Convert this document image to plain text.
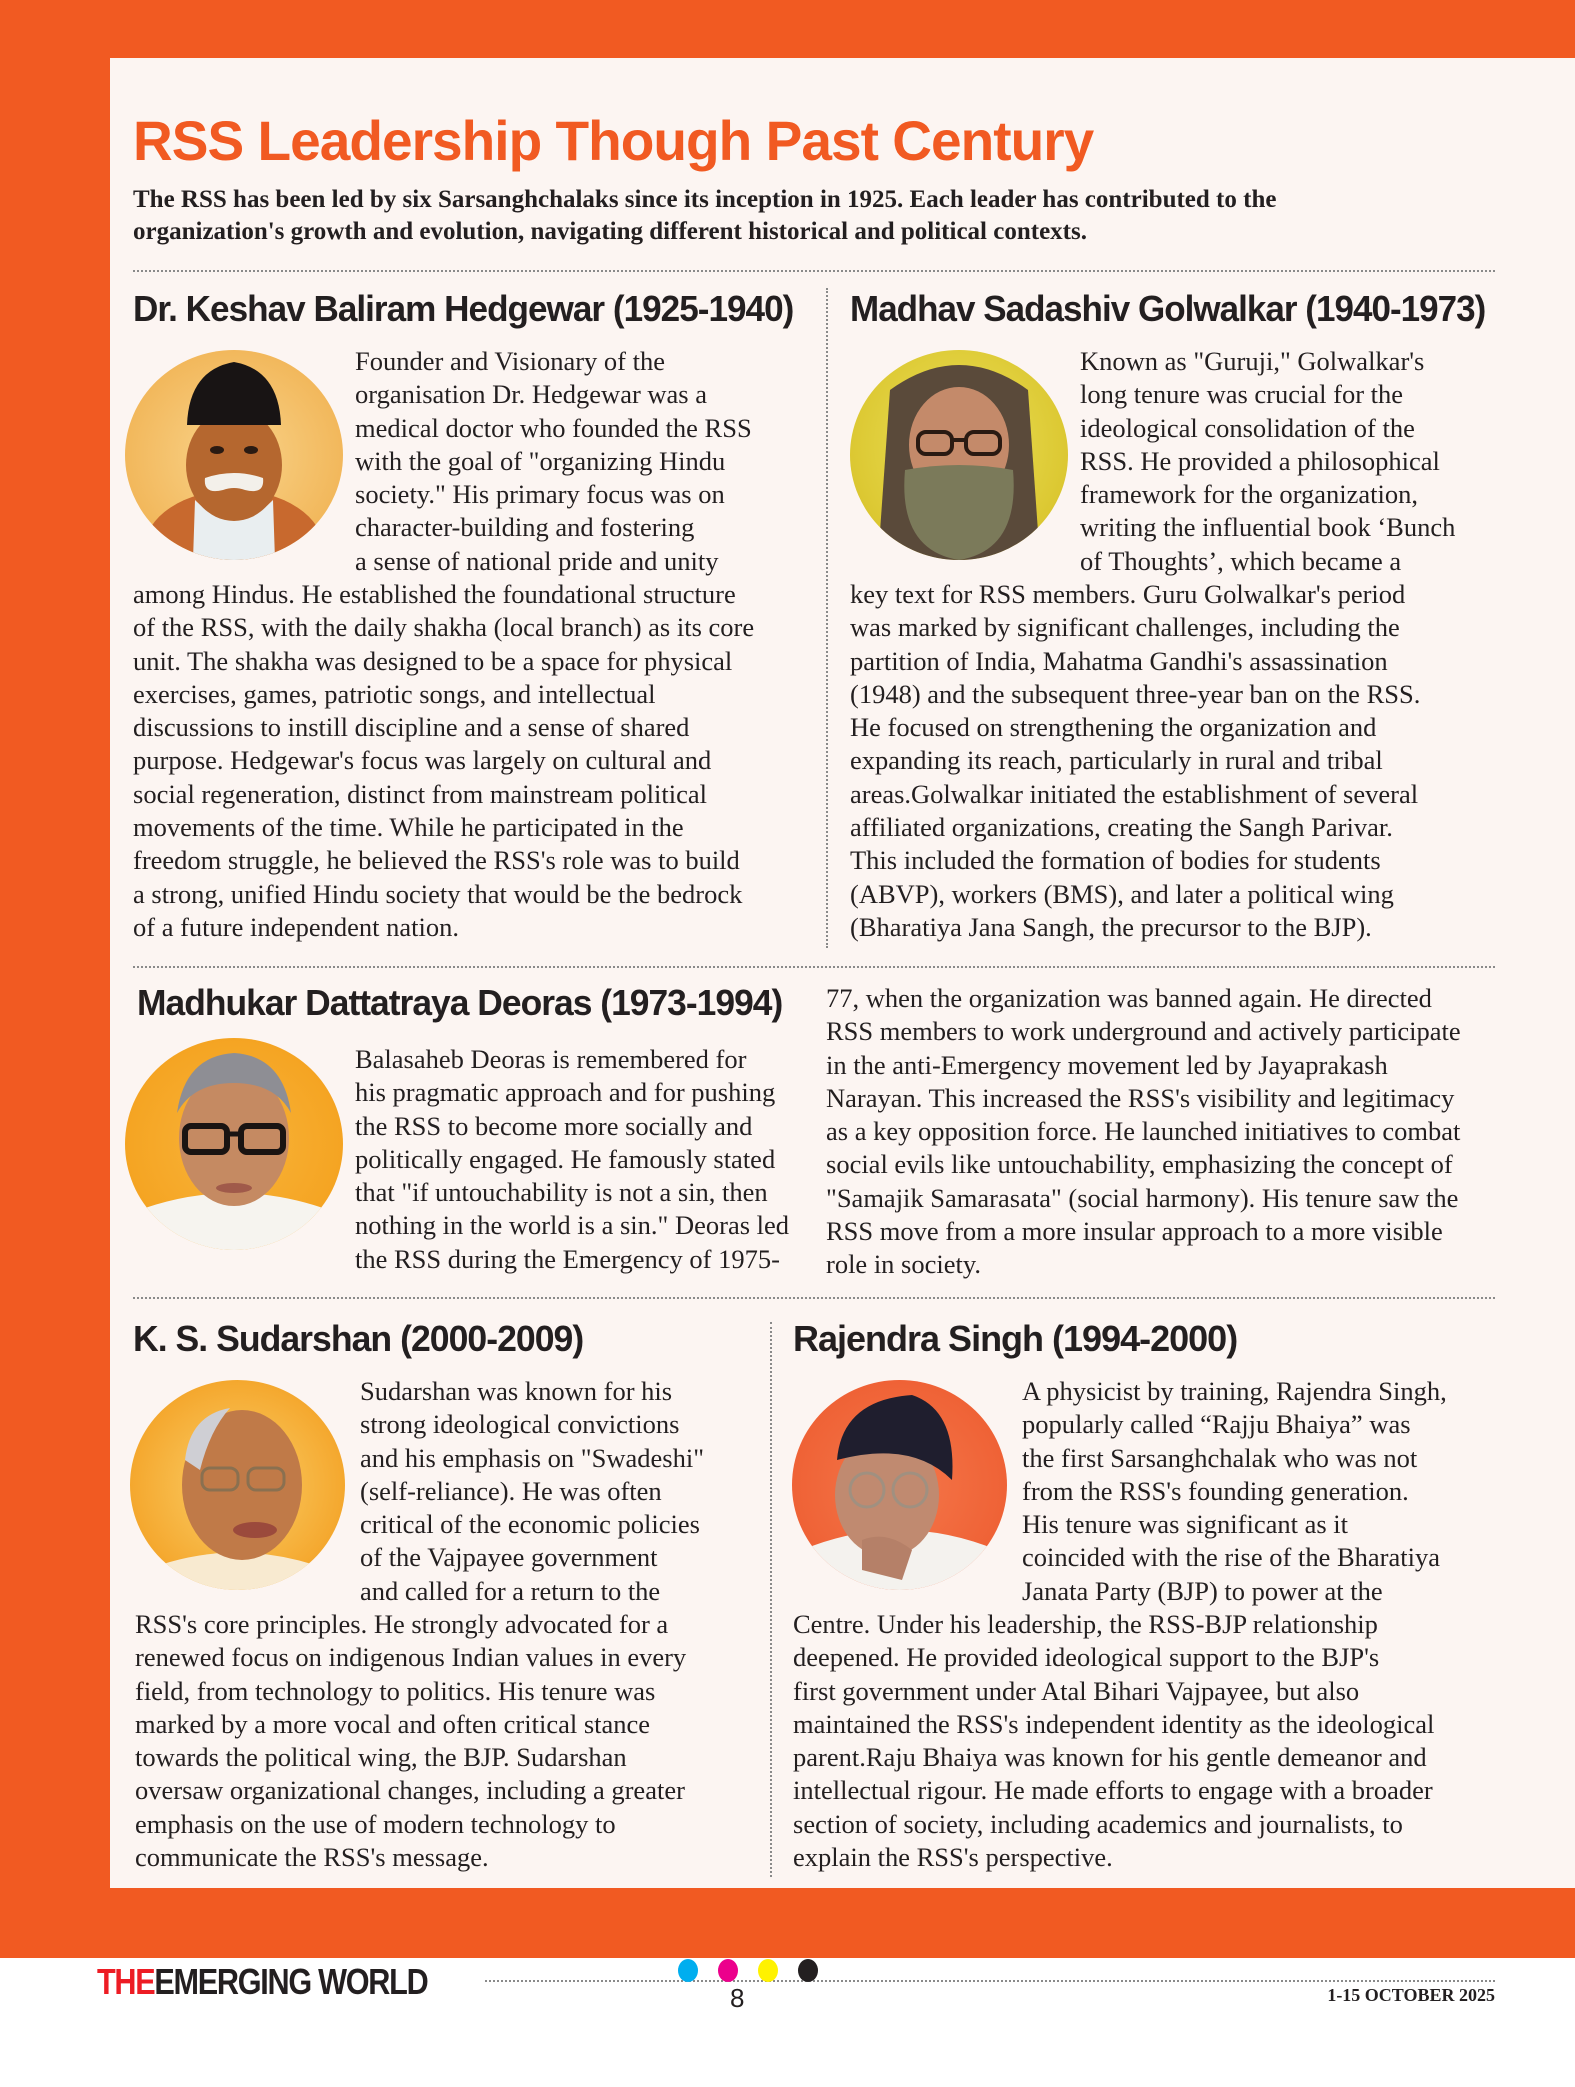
RSS Leadership Though Past Century
The RSS has been led by six Sarsanghchalaks since its inception in 1925. Each leader has contributed to the
organization's growth and evolution, navigating different historical and political contexts.
Dr. Keshav Baliram Hedgewar (1925-1940)
Founder and Visionary of the
organisation Dr. Hedgewar was a
medical doctor who founded the RSS
with the goal of "organizing Hindu
society." His primary focus was on
character-building and fostering
a sense of national pride and unity
among Hindus. He established the foundational structure
of the RSS, with the daily shakha (local branch) as its core
unit. The shakha was designed to be a space for physical
exercises, games, patriotic songs, and intellectual
discussions to instill discipline and a sense of shared
purpose. Hedgewar's focus was largely on cultural and
social regeneration, distinct from mainstream political
movements of the time. While he participated in the
freedom struggle, he believed the RSS's role was to build
a strong, unified Hindu society that would be the bedrock
of a future independent nation.
Madhav Sadashiv Golwalkar (1940-1973)
Known as "Guruji," Golwalkar's
long tenure was crucial for the
ideological consolidation of the
RSS. He provided a philosophical
framework for the organization,
writing the influential book ‘Bunch
of Thoughts’, which became a
key text for RSS members. Guru Golwalkar's period
was marked by significant challenges, including the
partition of India, Mahatma Gandhi's assassination
(1948) and the subsequent three-year ban on the RSS.
He focused on strengthening the organization and
expanding its reach, particularly in rural and tribal
areas.Golwalkar initiated the establishment of several
affiliated organizations, creating the Sangh Parivar.
This included the formation of bodies for students
(ABVP), workers (BMS), and later a political wing
(Bharatiya Jana Sangh, the precursor to the BJP).
Madhukar Dattatraya Deoras (1973-1994)
Balasaheb Deoras is remembered for
his pragmatic approach and for pushing
the RSS to become more socially and
politically engaged. He famously stated
that "if untouchability is not a sin, then
nothing in the world is a sin." Deoras led
the RSS during the Emergency of 1975-
77, when the organization was banned again. He directed
RSS members to work underground and actively participate
in the anti-Emergency movement led by Jayaprakash
Narayan. This increased the RSS's visibility and legitimacy
as a key opposition force. He launched initiatives to combat
social evils like untouchability, emphasizing the concept of
"Samajik Samarasata" (social harmony). His tenure saw the
RSS move from a more insular approach to a more visible
role in society.
K. S. Sudarshan (2000-2009)
Sudarshan was known for his
strong ideological convictions
and his emphasis on "Swadeshi"
(self-reliance). He was often
critical of the economic policies
of the Vajpayee government
and called for a return to the
RSS's core principles. He strongly advocated for a
renewed focus on indigenous Indian values in every
field, from technology to politics. His tenure was
marked by a more vocal and often critical stance
towards the political wing, the BJP. Sudarshan
oversaw organizational changes, including a greater
emphasis on the use of modern technology to
communicate the RSS's message.
Rajendra Singh (1994-2000)
A physicist by training, Rajendra Singh,
popularly called “Rajju Bhaiya” was
the first Sarsanghchalak who was not
from the RSS's founding generation.
His tenure was significant as it
coincided with the rise of the Bharatiya
Janata Party (BJP) to power at the
Centre. Under his leadership, the RSS-BJP relationship
deepened. He provided ideological support to the BJP's
first government under Atal Bihari Vajpayee, but also
maintained the RSS's independent identity as the ideological
parent.Raju Bhaiya was known for his gentle demeanor and
intellectual rigour. He made efforts to engage with a broader
section of society, including academics and journalists, to
explain the RSS's perspective.
THEEMERGING WORLD	8	1-15 OCTOBER 2025
